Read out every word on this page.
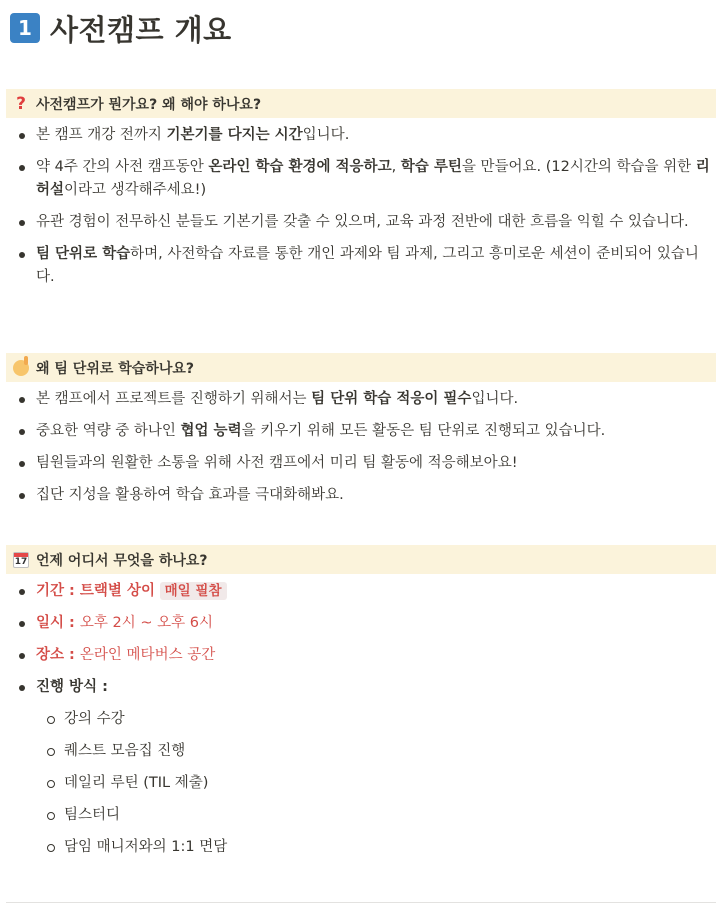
1 사전캠프 개요
? 사전캠프가 뭔가요? 왜 해야 하나요?
본 캠프 개강 전까지 기본기를 다지는 시간입니다.
약 4주 간의 사전 캠프동안 온라인 학습 환경에 적응하고, 학습 루틴을 만들어요. (12시간의 학습을 위한 리허설이라고 생각해주세요!)
유관 경험이 전무하신 분들도 기본기를 갖출 수 있으며, 교육 과정 전반에 대한 흐름을 익힐 수 있습니다.
팀 단위로 학습하며, 사전학습 자료를 통한 개인 과제와 팀 과제, 그리고 흥미로운 세션이 준비되어 있습니다.
왜 팀 단위로 학습하나요?
본 캠프에서 프로젝트를 진행하기 위해서는 팀 단위 학습 적응이 필수입니다.
중요한 역량 중 하나인 협업 능력을 키우기 위해 모든 활동은 팀 단위로 진행되고 있습니다.
팀원들과의 원활한 소통을 위해 사전 캠프에서 미리 팀 활동에 적응해보아요!
집단 지성을 활용하여 학습 효과를 극대화해봐요.
17 언제 어디서 무엇을 하나요?
기간 : 트랙별 상이 매일 필참
일시 : 오후 2시 ~ 오후 6시
장소 : 온라인 메타버스 공간
진행 방식 :
강의 수강
퀘스트 모음집 진행
데일리 루틴 (TIL 제출)
팀스터디
담임 매니저와의 1:1 면담
